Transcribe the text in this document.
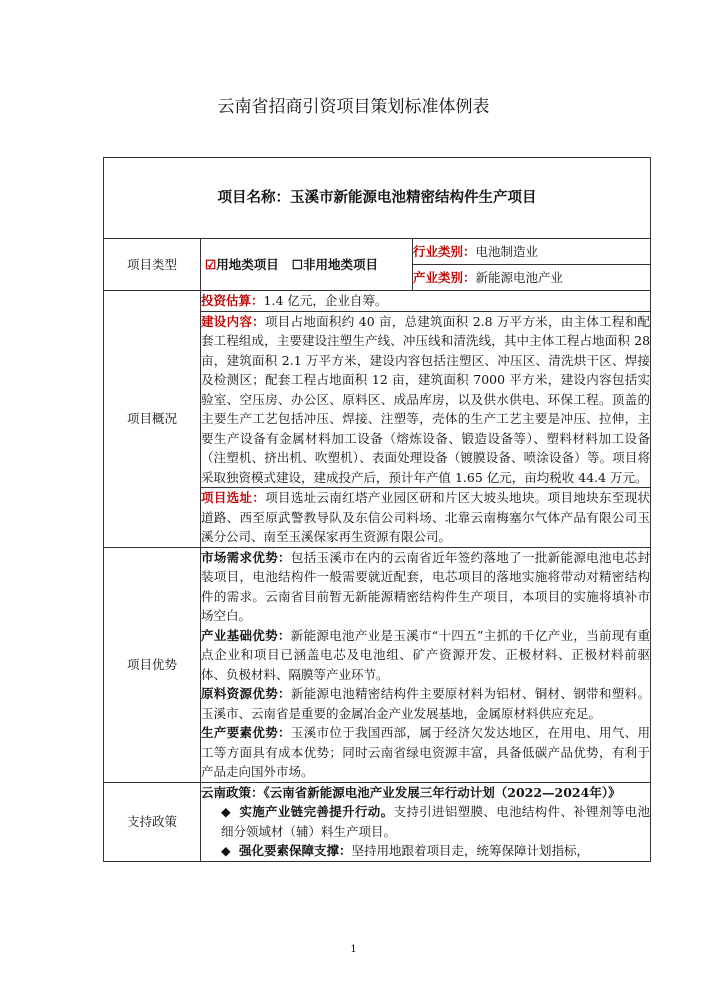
云南省招商引资项目策划标准体例表
项目名称：玉溪市新能源电池精密结构件生产项目		
项目类型	☑用地类项目 ☐非用地类项目	行业类别：电池制造业
		产业类别：新能源电池产业
项目概况	投资估算：1.4 亿元，企业自筹。	
	建设内容：项目占地面积约 40 亩，总建筑面积 2.8 万平方米，由主体工程和配套工程组成，主要建设注塑生产线、冲压线和清洗线，其中主体工程占地面积 28 亩，建筑面积 2.1 万平方米，建设内容包括注塑区、冲压区、清洗烘干区、焊接及检测区；配套工程占地面积 12 亩，建筑面积 7000 平方米，建设内容包括实验室、空压房、办公区、原料区、成品库房，以及供水供电、环保工程。顶盖的主要生产工艺包括冲压、焊接、注塑等，壳体的生产工艺主要是冲压、拉伸，主要生产设备有金属材料加工设备（熔炼设备、锻造设备等）、塑料材料加工设备（注塑机、挤出机、吹塑机）、表面处理设备（镀膜设备、喷涂设备）等。项目将采取独资模式建设，建成投产后，预计年产值 1.65 亿元，亩均税收 44.4 万元。	
	项目选址：项目选址云南红塔产业园区研和片区大坡头地块。项目地块东至现状道路、西至原武警教导队及东信公司料场、北靠云南梅塞尔气体产品有限公司玉溪分公司、南至玉溪保家再生资源有限公司。	
项目优势	市场需求优势：包括玉溪市在内的云南省近年签约落地了一批新能源电池电芯封装项目，电池结构件一般需要就近配套，电芯项目的落地实施将带动对精密结构件的需求。云南省目前暂无新能源精密结构件生产项目，本项目的实施将填补市场空白。
产业基础优势：新能源电池产业是玉溪市“十四五”主抓的千亿产业，当前现有重点企业和项目已涵盖电芯及电池组、矿产资源开发、正极材料、正极材料前驱体、负极材料、隔膜等产业环节。
原料资源优势：新能源电池精密结构件主要原材料为铝材、铜材、钢带和塑料。玉溪市、云南省是重要的金属冶金产业发展基地，金属原材料供应充足。
生产要素优势：玉溪市位于我国西部，属于经济欠发达地区，在用电、用气、用工等方面具有成本优势；同时云南省绿电资源丰富，具备低碳产品优势，有利于产品走向国外市场。	

支持政策	云南政策：《云南省新能源电池产业发展三年行动计划（2022—2024年）》
◆ 实施产业链完善提升行动。支持引进铝塑膜、电池结构件、补锂剂等电池细分领域材（辅）料生产项目。
◆ 强化要素保障支撑：坚持用地跟着项目走，统筹保障计划指标，	
1
